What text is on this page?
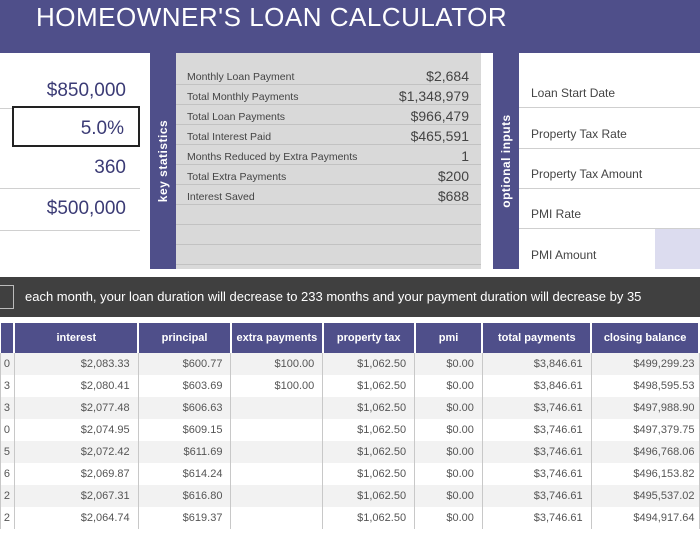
HOMEOWNER'S LOAN CALCULATOR
$850,000
5.0%
360
$500,000
key statistics
Monthly Loan Payment	$2,684
Total Monthly Payments	$1,348,979
Total Loan Payments	$966,479
Total Interest Paid	$465,591
Months Reduced by Extra Payments	1
Total Extra Payments	$200
Interest Saved	$688	optional inputs
Loan Start Date
Property Tax Rate
Property Tax Amount
PMI Rate
PMI Amount
each month, your loan duration will decrease to 233 months and your payment duration will decrease by 35
	interest	principal	extra payments	property tax	pmi	total payments	closing balance
0	$2,083.33	$600.77	$100.00	$1,062.50	$0.00	$3,846.61	$499,299.23
3	$2,080.41	$603.69	$100.00	$1,062.50	$0.00	$3,846.61	$498,595.53
3	$2,077.48	$606.63		$1,062.50	$0.00	$3,746.61	$497,988.90
0	$2,074.95	$609.15		$1,062.50	$0.00	$3,746.61	$497,379.75
5	$2,072.42	$611.69		$1,062.50	$0.00	$3,746.61	$496,768.06
6	$2,069.87	$614.24		$1,062.50	$0.00	$3,746.61	$496,153.82
2	$2,067.31	$616.80		$1,062.50	$0.00	$3,746.61	$495,537.02
2	$2,064.74	$619.37		$1,062.50	$0.00	$3,746.61	$494,917.64
